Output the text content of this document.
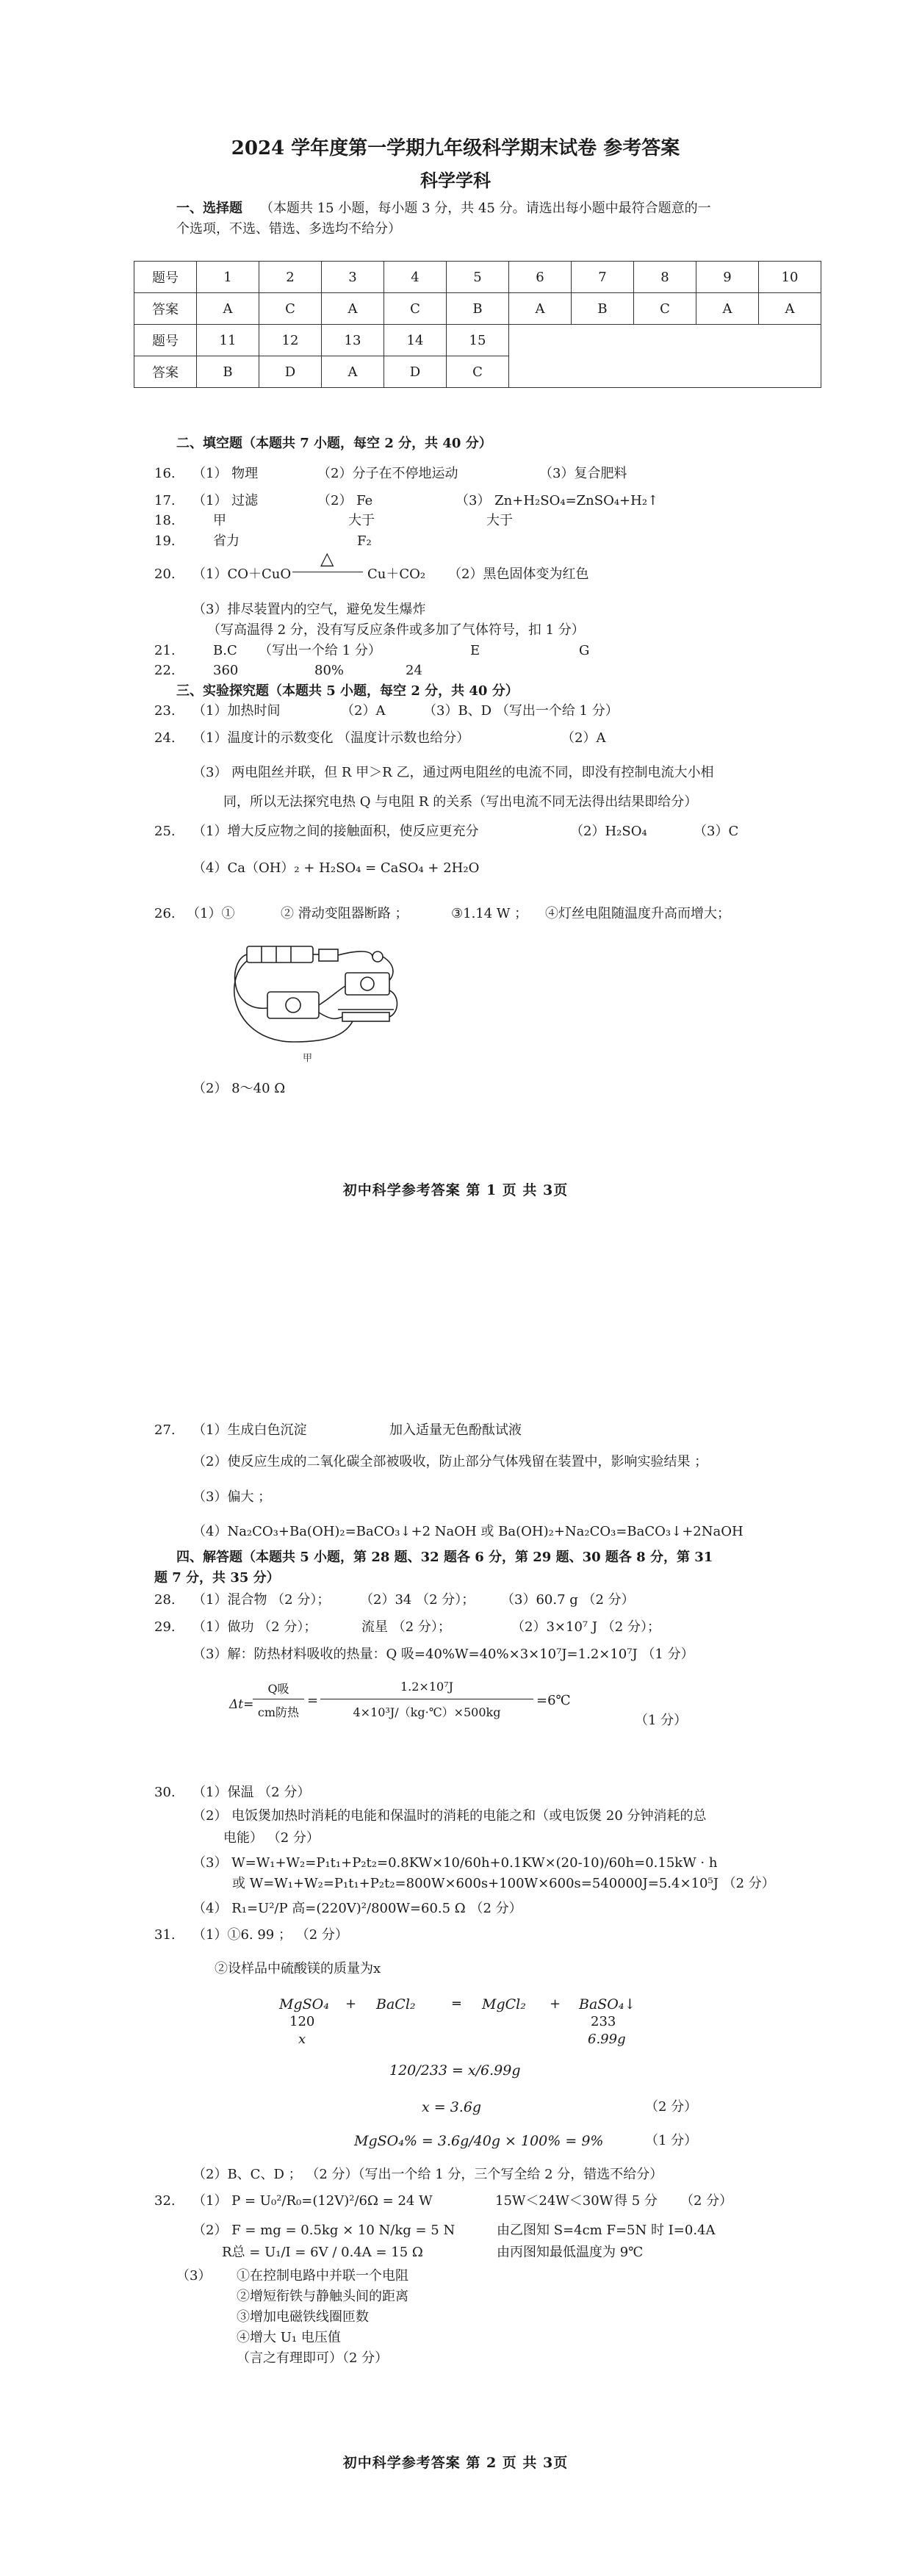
2024 学年度第一学期九年级科学期末试卷 参考答案
科学学科
一、选择题 （本题共 15 小题，每小题 3 分，共 45 分。请选出每小题中最符合题意的一
个选项，不选、错选、多选均不给分）
题号	1	2	3	4	5	6	7	8	9	10
答案	A	C	A	C	B	A	B	C	A	A
题号	11	12	13	14	15					
答案	B	D	A	D	C					
二、填空题（本题共 7 小题，每空 2 分，共 40 分）
16. （1） 物理	（2）分子在不停地运动	（3）复合肥料
17. （1） 过滤	（2） Fe	（3） Zn+H₂SO₄=ZnSO₄+H₂↑
18.	甲	大于	大于
19.	省力	F₂
20. （1）CO＋CuO
△
Cu＋CO₂ （2）黑色固体变为红色
（3）排尽装置内的空气，避免发生爆炸
（写高温得 2 分，没有写反应条件或多加了气体符号，扣 1 分）
21.	B.C （写出一个给 1 分）	E	G
22.	360	80%	24
三、实验探究题（本题共 5 小题，每空 2 分，共 40 分）
23. （1）加热时间	（2）A	（3）B、D （写出一个给 1 分）
24. （1）温度计的示数变化 （温度计示数也给分）	（2）A
（3） 两电阻丝并联，但 R 甲＞R 乙，通过两电阻丝的电流不同，即没有控制电流大小相
同，所以无法探究电热 Q 与电阻 R 的关系（写出电流不同无法得出结果即给分）
25. （1）增大反应物之间的接触面积，使反应更充分	（2）H₂SO₄	（3）C
（4）Ca（OH）₂ + H₂SO₄ = CaSO₄ + 2H₂O
26. （1）①	② 滑动变阻器断路 ；	③1.14 W ； ④灯丝电阻随温度升高而增大；
甲
（2） 8～40 Ω
初中科学参考答案 第 1 页 共 3页
27. （1）生成白色沉淀	加入适量无色酚酞试液
（2）使反应生成的二氧化碳全部被吸收，防止部分气体残留在装置中，影响实验结果 ；
（3）偏大 ；
（4）Na₂CO₃+Ba(OH)₂=BaCO₃↓+2 NaOH 或 Ba(OH)₂+Na₂CO₃=BaCO₃↓+2NaOH
四、解答题（本题共 5 小题，第 28 题、32 题各 6 分，第 29 题、30 题各 8 分，第 31
题 7 分，共 35 分）
28. （1）混合物 （2 分）； （2）34 （2 分）； （3）60.7 g （2 分）
29. （1）做功 （2 分）；	流星 （2 分）；	（2）3×10⁷ J （2 分）；
（3）解：防热材料吸收的热量：Q 吸=40%W=40%×3×10⁷J=1.2×10⁷J （1 分）
Δt=
Q吸
cm防热
=
1.2×10⁷J
4×10³J/（kg·℃）×500kg
=6℃
（1 分）
30. （1）保温 （2 分）
（2） 电饭煲加热时消耗的电能和保温时的消耗的电能之和（或电饭煲 20 分钟消耗的总
电能） （2 分）
（3） W=W₁+W₂=P₁t₁+P₂t₂=0.8KW×10/60h+0.1KW×(20-10)/60h=0.15kW · h
或 W=W₁+W₂=P₁t₁+P₂t₂=800W×600s+100W×600s=540000J=5.4×10⁵J （2 分）
（4） R₁=U²/P 高=(220V)²/800W=60.5 Ω （2 分）
31. （1）①6. 99 ； （2 分）
②设样品中硫酸镁的质量为x
MgSO₄ + BaCl₂	═ MgCl₂ + BaSO₄↓
120	233
x	6.99g
120/233 = x/6.99g
x = 3.6g	（2 分）
MgSO₄% = 3.6g/40g × 100% = 9%	（1 分）
（2）B、C、D ； （2 分）（写出一个给 1 分，三个写全给 2 分，错选不给分）
32. （1） P = U₀²/R₀=(12V)²/6Ω = 24 W	15W＜24W＜30W 得 5 分 （2 分）
（2） F = mg = 0.5kg × 10 N/kg = 5 N	由乙图知 S=4cm F=5N 时 I=0.4A
R总 = U₁/I = 6V / 0.4A = 15 Ω	由丙图知最低温度为 9℃
（3） ①在控制电路中并联一个电阻
②增短衔铁与静触头间的距离
③增加电磁铁线圈匝数
④增大 U₁ 电压值
（言之有理即可）（2 分）
初中科学参考答案 第 2 页 共 3页
